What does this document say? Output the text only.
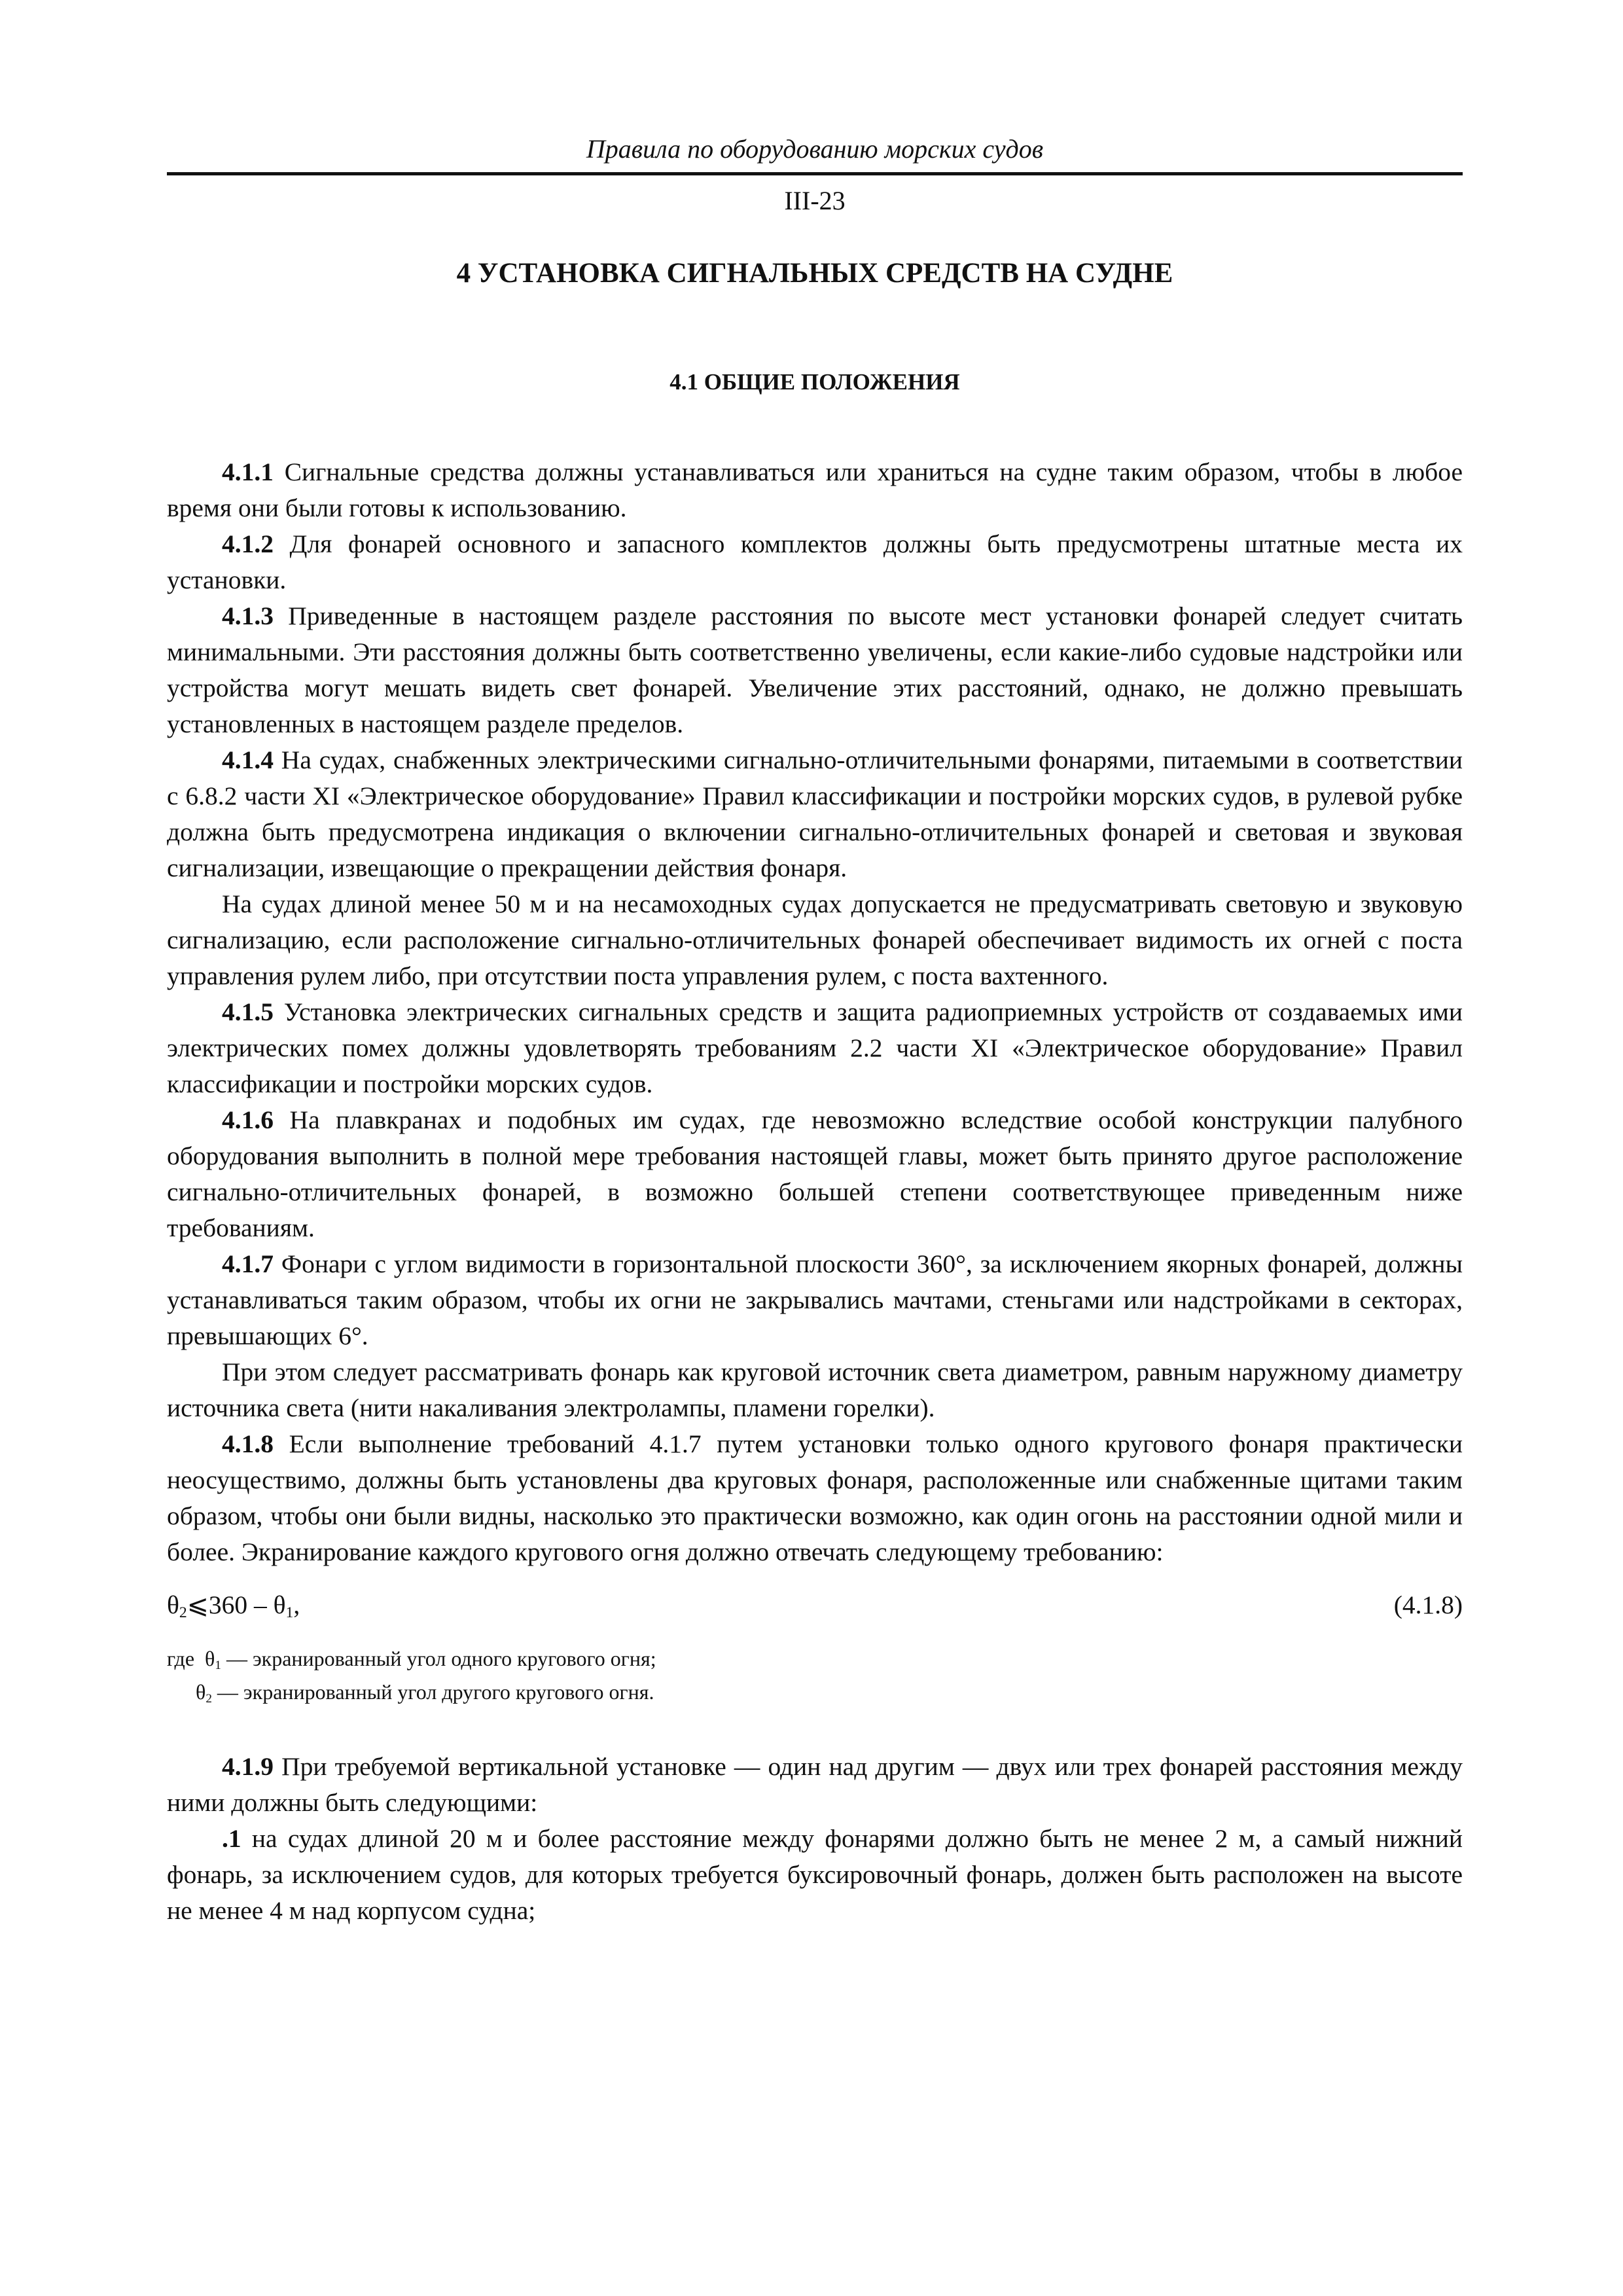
Правила по оборудованию морских судов
III-23
4 УСТАНОВКА СИГНАЛЬНЫХ СРЕДСТВ НА СУДНЕ
4.1 ОБЩИЕ ПОЛОЖЕНИЯ

4.1.1 Сигнальные средства должны устанавливаться или храниться на судне таким образом, чтобы в любое время они были готовы к использованию.

4.1.2 Для фонарей основного и запасного комплектов должны быть предусмотрены штатные места их установки.

4.1.3 Приведенные в настоящем разделе расстояния по высоте мест установки фонарей следует считать минимальными. Эти расстояния должны быть соответственно увеличены, если какие-либо судовые надстройки или устройства могут мешать видеть свет фонарей. Увеличение этих расстояний, однако, не должно превышать установленных в настоящем разделе пределов.

4.1.4 На судах, снабженных электрическими сигнально-отличительными фонарями, питаемыми в соответствии с 6.8.2 части XI «Электрическое оборудование» Правил классификации и постройки морских судов, в рулевой рубке должна быть предусмотрена индикация о включении сигнально-отличительных фонарей и световая и звуковая сигнализации, извещающие о прекращении действия фонаря.

На судах длиной менее 50 м и на несамоходных судах допускается не предусматривать световую и звуковую сигнализацию, если расположение сигнально-отличительных фонарей обеспечивает видимость их огней с поста управления рулем либо, при отсутствии поста управления рулем, с поста вахтенного.

4.1.5 Установка электрических сигнальных средств и защита радиоприемных устройств от создаваемых ими электрических помех должны удовлетворять требованиям 2.2 части XI «Электрическое оборудование» Правил классификации и постройки морских судов.

4.1.6 На плавкранах и подобных им судах, где невозможно вследствие особой конструкции палубного оборудования выполнить в полной мере требования настоящей главы, может быть принято другое расположение сигнально-отличительных фонарей, в возможно большей степени соответствующее приведенным ниже требованиям.

4.1.7 Фонари с углом видимости в горизонтальной плоскости 360°, за исключением якорных фонарей, должны устанавливаться таким образом, чтобы их огни не закрывались мачтами, стеньгами или надстройками в секторах, превышающих 6°.

При этом следует рассматривать фонарь как круговой источник света диаметром, равным наружному диаметру источника света (нити накаливания электролампы, пламени горелки).

4.1.8 Если выполнение требований 4.1.7 путем установки только одного кругового фонаря практически неосуществимо, должны быть установлены два круговых фонаря, расположенные или снабженные щитами таким образом, чтобы они были видны, насколько это практически возможно, как один огонь на расстоянии одной мили и более. Экранирование каждого кругового огня должно отвечать следующему требованию:

$\theta_2⩽360 - \theta_1$,	(4.1.8)
где $\theta_1$ — экранированный угол одного кругового огня;
$\theta_2$ — экранированный угол другого кругового огня.

4.1.9 При требуемой вертикальной установке — один над другим — двух или трех фонарей расстояния между ними должны быть следующими:

.1 на судах длиной 20 м и более расстояние между фонарями должно быть не менее 2 м, а самый нижний фонарь, за исключением судов, для которых требуется буксировочный фонарь, должен быть расположен на высоте не менее 4 м над корпусом судна;
